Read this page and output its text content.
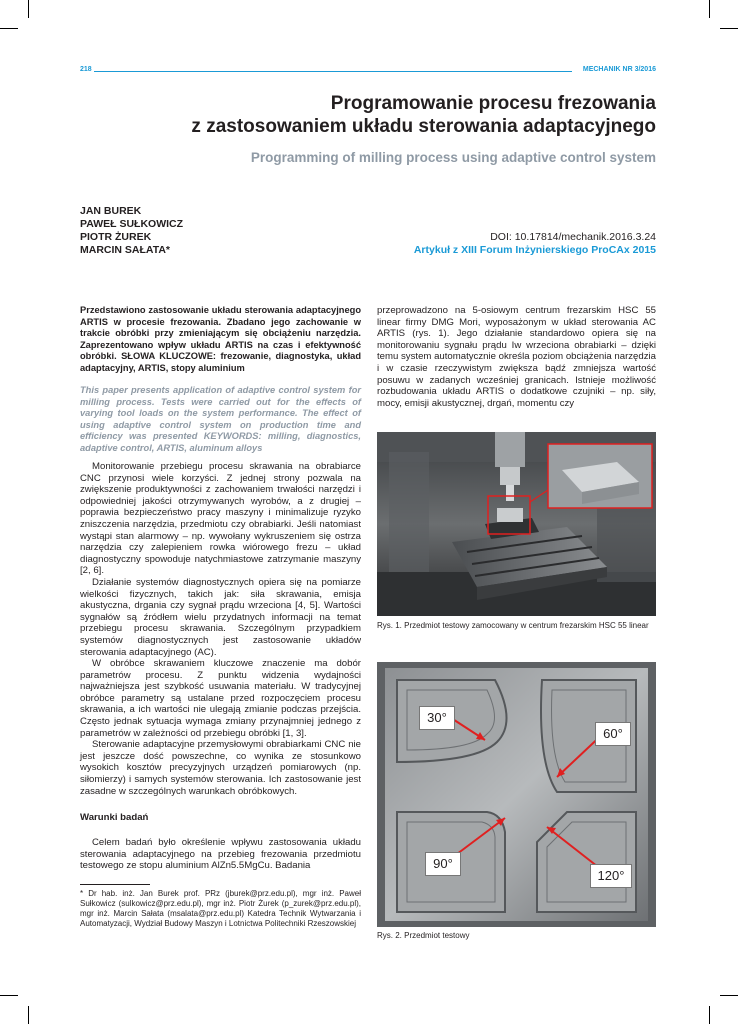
218	MECHANIK NR 3/2016
Programowanie procesu frezowania
z zastosowaniem układu sterowania adaptacyjnego
Programming of milling process using adaptive control system
JAN BUREK
PAWEŁ SUŁKOWICZ
PIOTR ŻUREK
MARCIN SAŁATA*
DOI: 10.17814/mechanik.2016.3.24
Artykuł z XIII Forum Inżynierskiego ProCAx 2015
Przedstawiono zastosowanie układu sterowania adaptacyjnego ARTIS w procesie frezowania. Zbadano jego zachowanie w trakcie obróbki przy zmieniającym się obciążeniu narzędzia. Zaprezentowano wpływ układu ARTIS na czas i efektywność obróbki. SŁOWA KLUCZOWE: frezowanie, diagnostyka, układ adaptacyjny, ARTIS, stopy aluminium
This paper presents application of adaptive control system for milling process. Tests were carried out for the effects of varying tool loads on the system performance. The effect of using adaptive control system on production time and efficiency was presented KEYWORDS: milling, diagnostics, adaptive control, ARTIS, aluminum alloys

Monitorowanie przebiegu procesu skrawania na obrabiarce CNC przynosi wiele korzyści. Z jednej strony pozwala na zwiększenie produktywności z zachowaniem trwałości narzędzi i odpowiedniej jakości otrzymywanych wyrobów, a z drugiej – poprawia bezpieczeństwo pracy maszyny i minimalizuje ryzyko zniszczenia narzędzia, przedmiotu czy obrabiarki. Jeśli natomiast wystąpi stan alarmowy – np. wywołany wykruszeniem się ostrza narzędzia czy zalepieniem rowka wiórowego frezu – układ diagnostyczny spowoduje natychmiastowe zatrzymanie maszyny [2, 6].

Działanie systemów diagnostycznych opiera się na pomiarze wielkości fizycznych, takich jak: siła skrawania, emisja akustyczna, drgania czy sygnał prądu wrzeciona [4, 5]. Wartości sygnałów są źródłem wielu przydatnych informacji na temat przebiegu procesu skrawania. Szczególnym przypadkiem systemów diagnostycznych jest zastosowanie układów sterowania adaptacyjnego (AC).

W obróbce skrawaniem kluczowe znaczenie ma dobór parametrów procesu. Z punktu widzenia wydajności najważniejsza jest szybkość usuwania materiału. W tradycyjnej obróbce parametry są ustalane przed rozpoczęciem procesu skrawania, a ich wartości nie ulegają zmianie podczas przejścia. Często jednak sytuacja wymaga zmiany przynajmniej jednego z parametrów w zależności od przebiegu obróbki [1, 3].

Sterowanie adaptacyjne przemysłowymi obrabiarkami CNC nie jest jeszcze dość powszechne, co wynika ze stosunkowo wysokich kosztów precyzyjnych urządzeń pomiarowych (np. siłomierzy) i samych systemów sterowania. Ich zastosowanie jest zasadne w szczególnych warunkach obróbkowych.

Warunki badań

Celem badań było określenie wpływu zastosowania układu sterowania adaptacyjnego na przebieg frezowania przedmiotu testowego ze stopu aluminium AlZn5.5MgCu. Badania

* Dr hab. inż. Jan Burek prof. PRz (jburek@prz.edu.pl), mgr inż. Paweł Sułkowicz (sulkowicz@prz.edu.pl), mgr inż. Piotr Żurek (p_zurek@prz.edu.pl), mgr inż. Marcin Sałata (msalata@prz.edu.pl) Katedra Technik Wytwarzania i Automatyzacji, Wydział Budowy Maszyn i Lotnictwa Politechniki Rzeszowskiej
przeprowadzono na 5-osiowym centrum frezarskim HSC 55 linear firmy DMG Mori, wyposażonym w układ sterowania AC ARTIS (rys. 1). Jego działanie standardowo opiera się na monitorowaniu sygnału prądu Iw wrzeciona obrabiarki – dzięki temu system automatycznie określa poziom obciążenia narzędzia i w czasie rzeczywistym zwiększa bądź zmniejsza wartość posuwu w zadanych wcześniej granicach. Istnieje możliwość rozbudowania układu ARTIS o dodatkowe czujniki – np. siły, mocy, emisji akustycznej, drgań, momentu czy
Rys. 1. Przedmiot testowy zamocowany w centrum frezarskim HSC 55 linear
30°
60°
90°
120°
Rys. 2. Przedmiot testowy
